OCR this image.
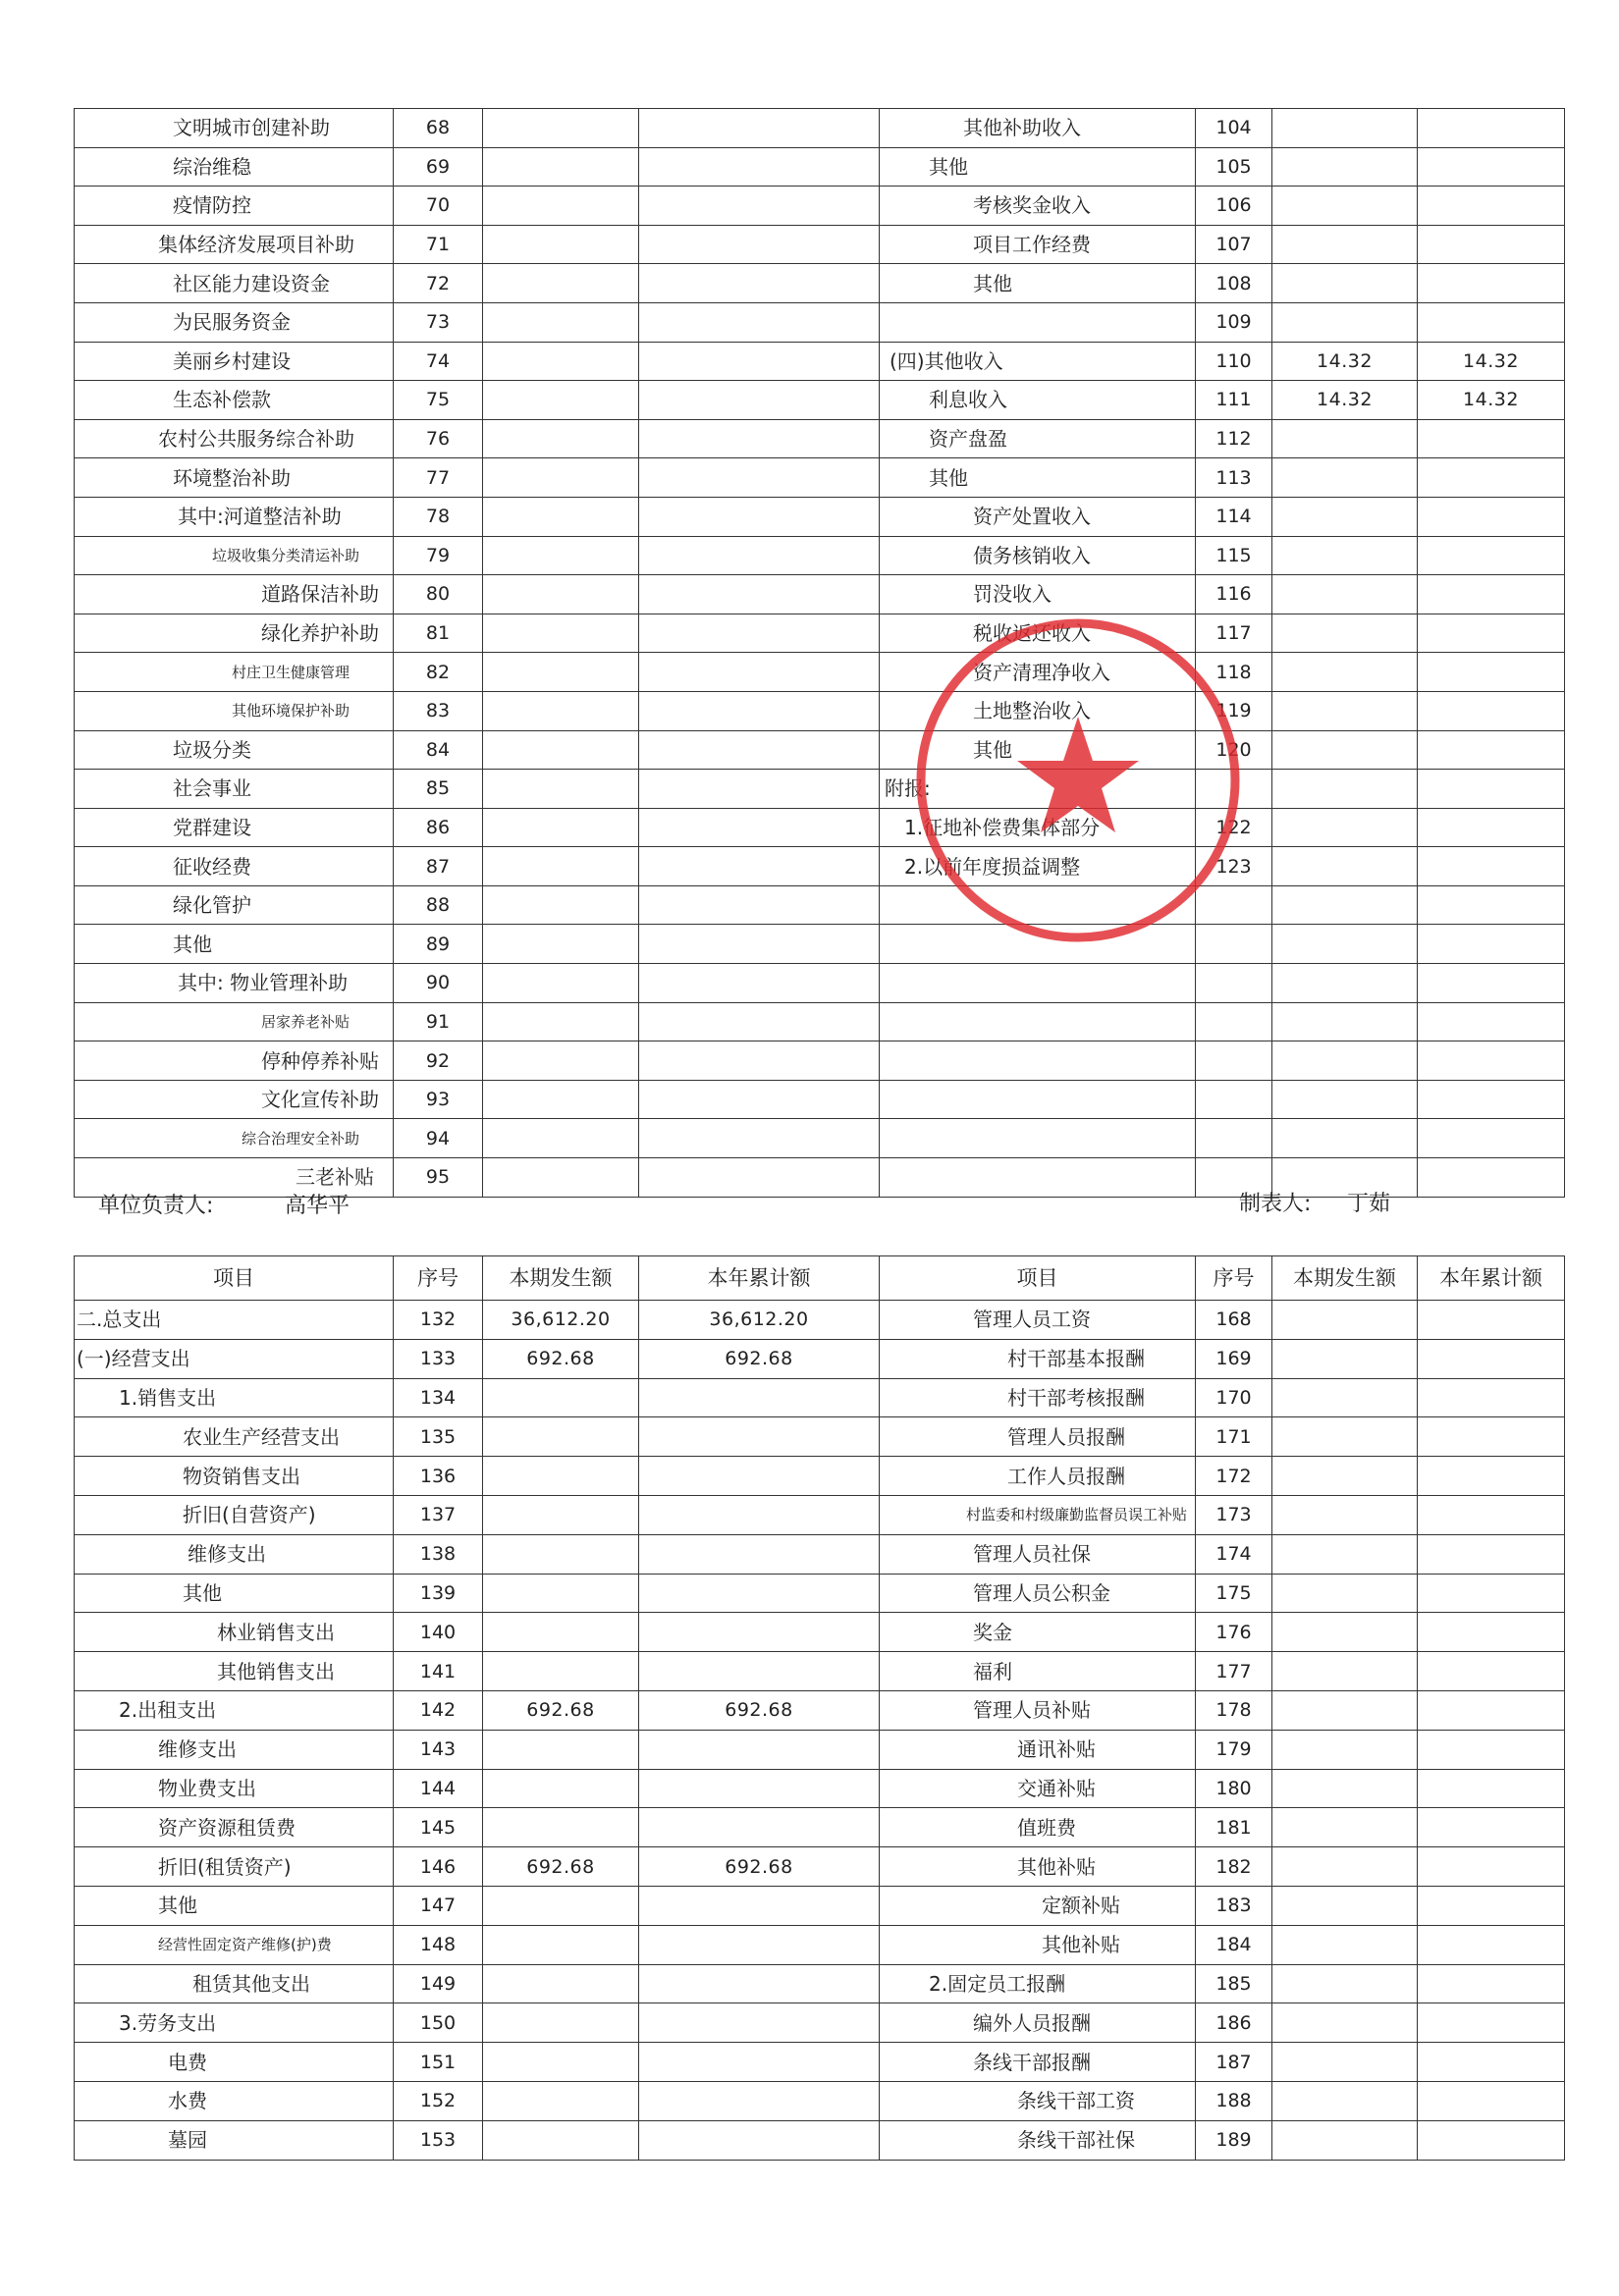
文明城市创建补助	68			其他补助收入	104		
综治维稳	69			其他	105		
疫情防控	70			考核奖金收入	106		
集体经济发展项目补助	71			项目工作经费	107		
社区能力建设资金	72			其他	108		
为民服务资金	73				109		
美丽乡村建设	74			(四)其他收入	110	14.32	14.32
生态补偿款	75			利息收入	111	14.32	14.32
农村公共服务综合补助	76			资产盘盈	112		
环境整治补助	77			其他	113		
其中:河道整洁补助	78			资产处置收入	114		
垃圾收集分类清运补助	79			债务核销收入	115		
道路保洁补助	80			罚没收入	116		
绿化养护补助	81			税收返还收入	117		
村庄卫生健康管理	82			资产清理净收入	118		
其他环境保护补助	83			土地整治收入	119		
垃圾分类	84			其他	120		
社会事业	85			附报:			
党群建设	86			1.征地补偿费集体部分	122		
征收经费	87			2.以前年度损益调整	123		
绿化管护	88						
其他	89						
其中: 物业管理补助	90						
居家养老补贴	91						
停种停养补贴	92						
文化宣传补助	93						
综合治理安全补助	94						
三老补贴	95						
单位负责人:	高华平	制表人: 丁茹
项目	序号	本期发生额	本年累计额	项目	序号	本期发生额	本年累计额
二.总支出	132	36,612.20	36,612.20	管理人员工资	168		
(一)经营支出	133	692.68	692.68	村干部基本报酬	169		
1.销售支出	134			村干部考核报酬	170		
农业生产经营支出	135			管理人员报酬	171		
物资销售支出	136			工作人员报酬	172		
折旧(自营资产)	137			村监委和村级廉勤监督员误工补贴	173		
维修支出	138			管理人员社保	174		
其他	139			管理人员公积金	175		
林业销售支出	140			奖金	176		
其他销售支出	141			福利	177		
2.出租支出	142	692.68	692.68	管理人员补贴	178		
维修支出	143			通讯补贴	179		
物业费支出	144			交通补贴	180		
资产资源租赁费	145			值班费	181		
折旧(租赁资产)	146	692.68	692.68	其他补贴	182		
其他	147			定额补贴	183		
经营性固定资产维修(护)费	148			其他补贴	184		
租赁其他支出	149			2.固定员工报酬	185		
3.劳务支出	150			编外人员报酬	186		
电费	151			条线干部报酬	187		
水费	152			条线干部工资	188		
墓园	153			条线干部社保	189		
